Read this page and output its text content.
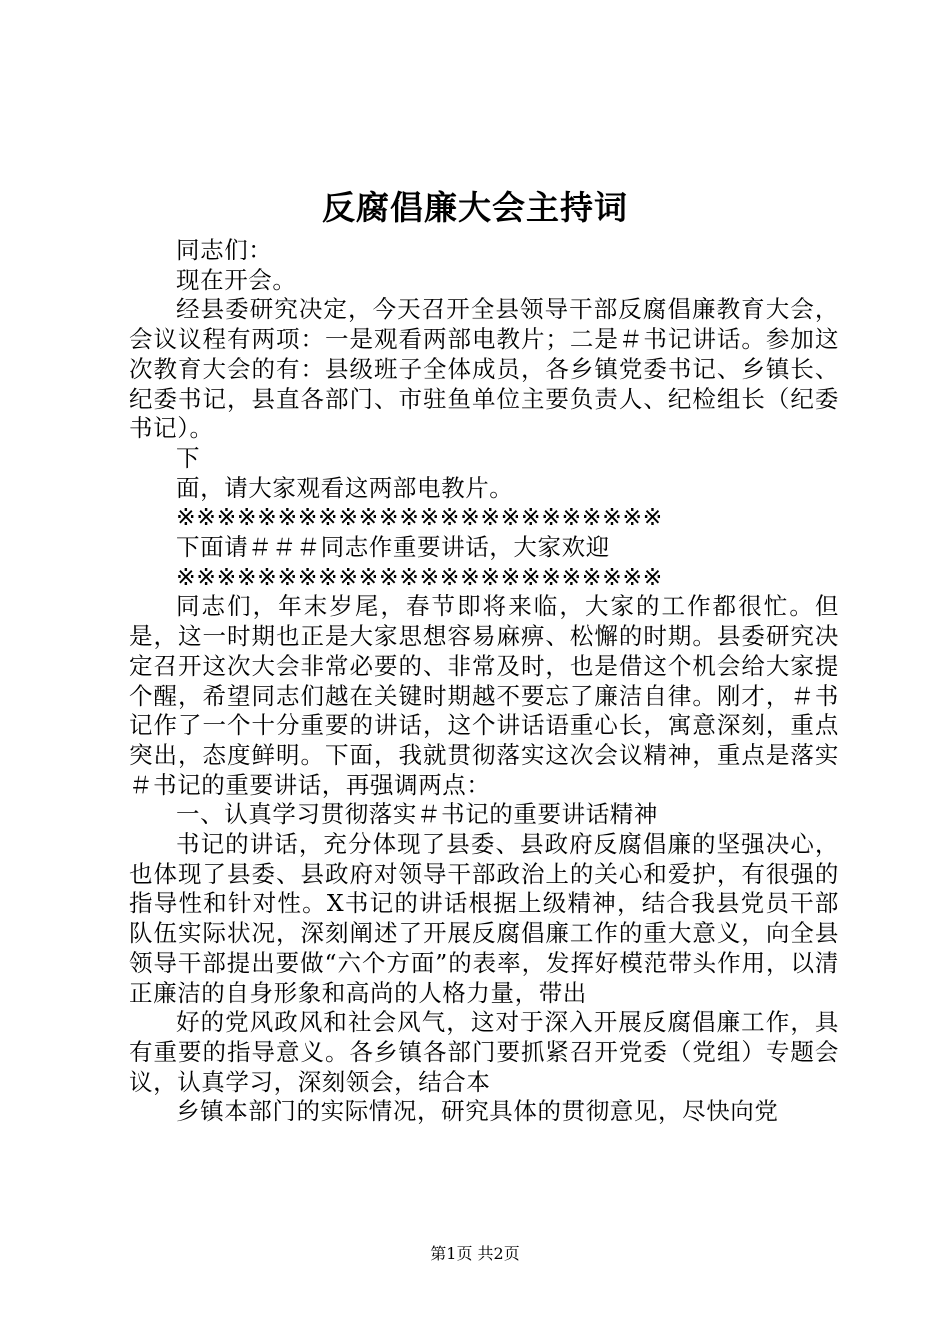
反腐倡廉大会主持词

同志们：

现在开会。

经县委研究决定，今天召开全县领导干部反腐倡廉教育大会，会议议程有两项：一是观看两部电教片；二是＃书记讲话。参加这次教育大会的有：县级班子全体成员，各乡镇党委书记、乡镇长、纪委书记，县直各部门、市驻鱼单位主要负责人、纪检组长（纪委书记）。

下

面，请大家观看这两部电教片。

※※※※※※※※※※※※※※※※※※※※※※※※

下面请＃＃＃同志作重要讲话，大家欢迎

※※※※※※※※※※※※※※※※※※※※※※※※

同志们，年末岁尾，春节即将来临，大家的工作都很忙。但是，这一时期也正是大家思想容易麻痹、松懈的时期。县委研究决定召开这次大会非常必要的、非常及时，也是借这个机会给大家提个醒，希望同志们越在关键时期越不要忘了廉洁自律。刚才，＃书记作了一个十分重要的讲话，这个讲话语重心长，寓意深刻，重点突出，态度鲜明。下面，我就贯彻落实这次会议精神，重点是落实＃书记的重要讲话，再强调两点：

一、认真学习贯彻落实＃书记的重要讲话精神

书记的讲话，充分体现了县委、县政府反腐倡廉的坚强决心，也体现了县委、县政府对领导干部政治上的关心和爱护，有很强的指导性和针对性。X书记的讲话根据上级精神，结合我县党员干部队伍实际状况，深刻阐述了开展反腐倡廉工作的重大意义，向全县领导干部提出要做“六个方面”的表率，发挥好模范带头作用，以清正廉洁的自身形象和高尚的人格力量，带出

好的党风政风和社会风气，这对于深入开展反腐倡廉工作，具有重要的指导意义。各乡镇各部门要抓紧召开党委（党组）专题会议，认真学习，深刻领会，结合本

乡镇本部门的实际情况，研究具体的贯彻意见，尽快向党

第1页 共2页
